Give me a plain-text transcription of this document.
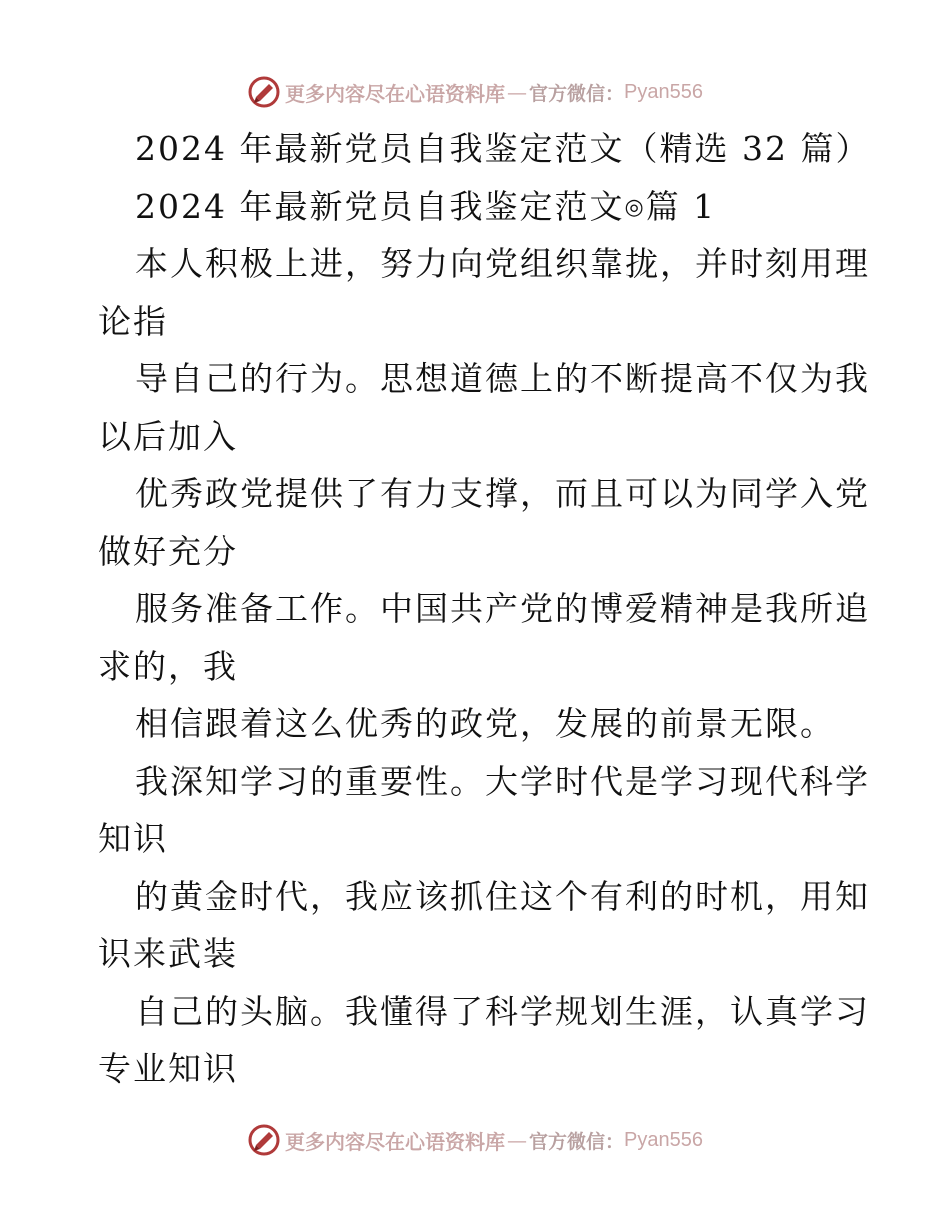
更多内容尽在心语资料库 — 官方微信： Pyan556
2024 年最新党员自我鉴定范文（精选 32 篇）
2024 年最新党员自我鉴定范文◎篇 1
本人积极上进，努力向党组织靠拢，并时刻用理
论指
导自己的行为。思想道德上的不断提高不仅为我
以后加入
优秀政党提供了有力支撑，而且可以为同学入党
做好充分
服务准备工作。中国共产党的博爱精神是我所追
求的，我
相信跟着这么优秀的政党，发展的前景无限。
我深知学习的重要性。大学时代是学习现代科学
知识
的黄金时代，我应该抓住这个有利的时机，用知
识来武装
自己的头脑。我懂得了科学规划生涯，认真学习
专业知识
更多内容尽在心语资料库 — 官方微信： Pyan556
